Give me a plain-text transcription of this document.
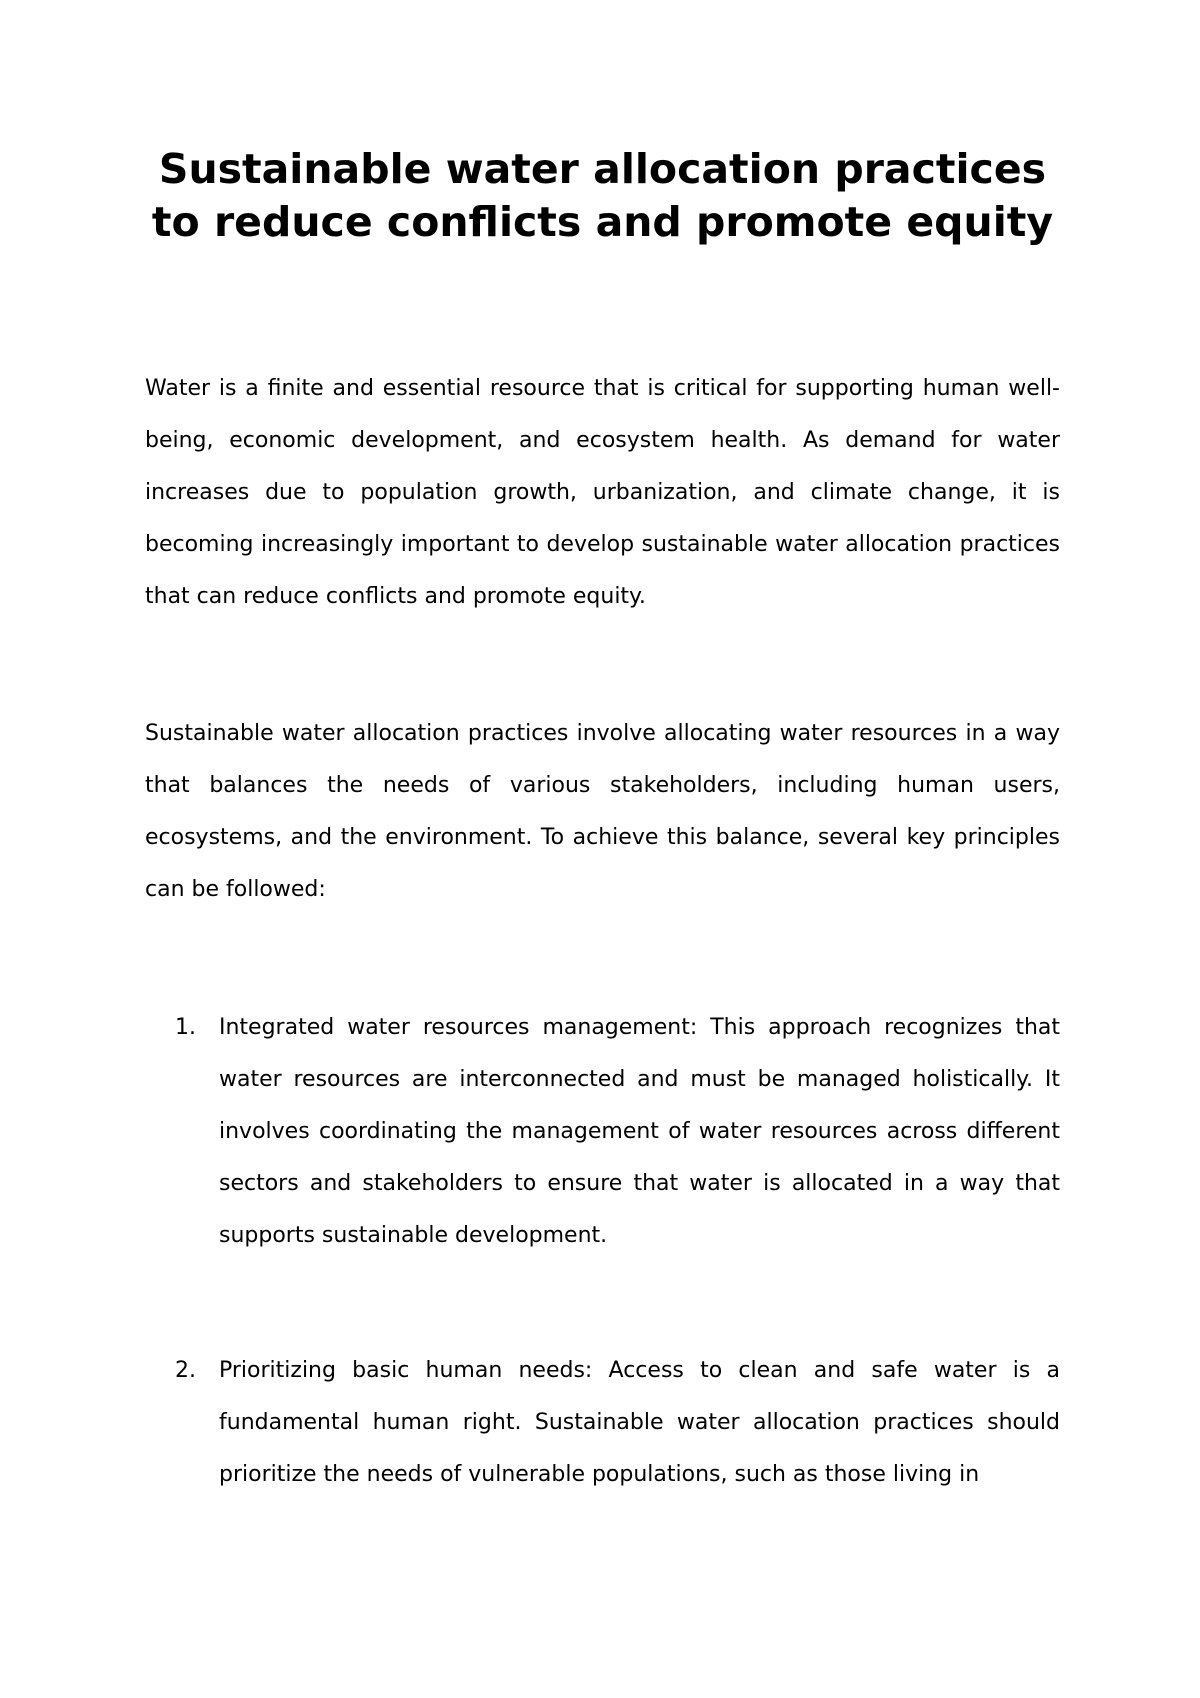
Sustainable water allocation practices to reduce conflicts and promote equity

Water is a finite and essential resource that is critical for supporting human well-being, economic development, and ecosystem health. As demand for water increases due to population growth, urbanization, and climate change, it is becoming increasingly important to develop sustainable water allocation practices that can reduce conflicts and promote equity.

Sustainable water allocation practices involve allocating water resources in a way that balances the needs of various stakeholders, including human users, ecosystems, and the environment. To achieve this balance, several key principles can be followed:

1.	Integrated water resources management: This approach recognizes that water resources are interconnected and must be managed holistically. It involves coordinating the management of water resources across different sectors and stakeholders to ensure that water is allocated in a way that supports sustainable development.

2.	Prioritizing basic human needs: Access to clean and safe water is a fundamental human right. Sustainable water allocation practices should prioritize the needs of vulnerable populations, such as those living in
